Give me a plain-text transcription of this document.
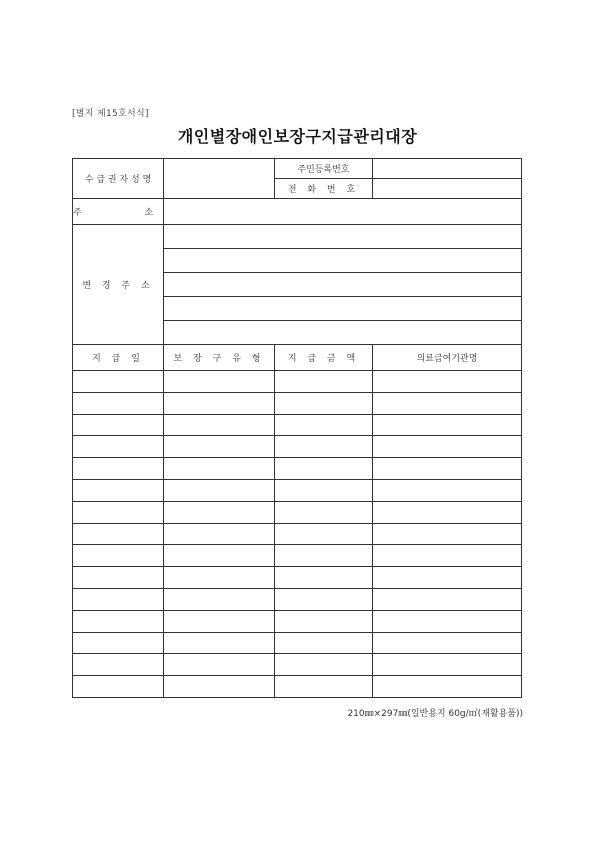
[별지 제15호서식]
개인별장애인보장구지급관리대장
수 급 권 자 성 명		주민등록번호	
		전 화 번 호	
주 소			
변 경 주 소			

지 급 일	보 장 구 유 형	지 급 금 액	의료급여기관명

210㎜×297㎜(일반용지 60g/㎡(재활용품))
